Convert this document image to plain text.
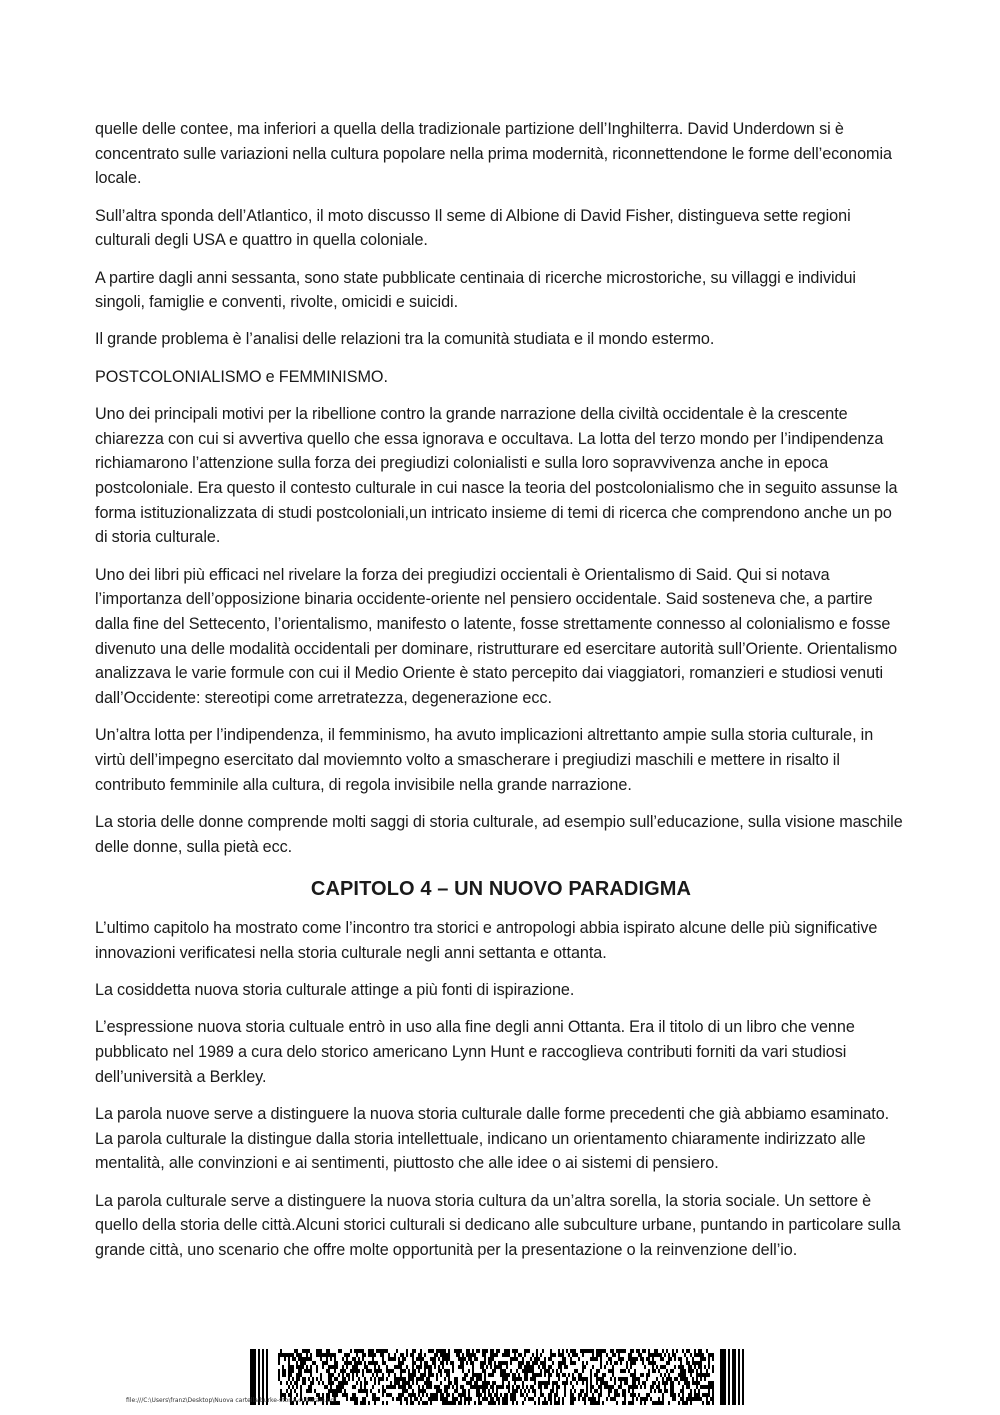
quelle delle contee, ma inferiori a quella della tradizionale partizione dell’Inghilterra. David Underdown si è concentrato sulle variazioni nella cultura popolare nella prima modernità, riconnettendone le forme dell’economia locale.

Sull’altra sponda dell’Atlantico, il moto discusso Il seme di Albione di David Fisher, distingueva sette regioni culturali degli USA e quattro in quella coloniale.

A partire dagli anni sessanta, sono state pubblicate centinaia di ricerche microstoriche, su villaggi e individui singoli, famiglie e conventi, rivolte, omicidi e suicidi.

Il grande problema è l’analisi delle relazioni tra la comunità studiata e il mondo estermo.

POSTCOLONIALISMO e FEMMINISMO.

Uno dei principali motivi per la ribellione contro la grande narrazione della civiltà occidentale è la crescente chiarezza con cui si avvertiva quello che essa ignorava e occultava. La lotta del terzo mondo per l’indipendenza richiamarono l’attenzione sulla forza dei pregiudizi colonialisti e sulla loro sopravvivenza anche in epoca postcoloniale. Era questo il contesto culturale in cui nasce la teoria del postcolonialismo che in seguito assunse la forma istituzionalizzata di studi postcoloniali,un intricato insieme di temi di ricerca che comprendono anche un po di storia culturale.

Uno dei libri più efficaci nel rivelare la forza dei pregiudizi occientali è Orientalismo di Said. Qui si notava l’importanza dell’opposizione binaria occidente-oriente nel pensiero occidentale. Said sosteneva che, a partire dalla fine del Settecento, l’orientalismo, manifesto o latente, fosse strettamente connesso al colonialismo e fosse divenuto una delle modalità occidentali per dominare, ristrutturare ed esercitare autorità sull’Oriente. Orientalismo analizzava le varie formule con cui il Medio Oriente è stato percepito dai viaggiatori, romanzieri e studiosi venuti dall’Occidente: stereotipi come arretratezza, degenerazione ecc.

Un’altra lotta per l’indipendenza, il femminismo, ha avuto implicazioni altrettanto ampie sulla storia culturale, in virtù dell’impegno esercitato dal moviemnto volto a smascherare i pregiudizi maschili e mettere in risalto il contributo femminile alla cultura, di regola invisibile nella grande narrazione.

La storia delle donne comprende molti saggi di storia culturale, ad esempio sull’educazione, sulla visione maschile delle donne, sulla pietà ecc.

CAPITOLO 4 – UN NUOVO PARADIGMA

L’ultimo capitolo ha mostrato come l’incontro tra storici e antropologi abbia ispirato alcune delle più significative innovazioni verificatesi nella storia culturale negli anni settanta e ottanta.

La cosiddetta nuova storia culturale attinge a più fonti di ispirazione.

L’espressione nuova storia cultuale entrò in uso alla fine degli anni Ottanta. Era il titolo di un libro che venne pubblicato nel 1989 a cura delo storico americano Lynn Hunt e raccoglieva contributi forniti da vari studiosi dell’università a Berkley.

La parola nuove serve a distinguere la nuova storia culturale dalle forme precedenti che già abbiamo esaminato. La parola culturale la distingue dalla storia intellettuale, indicano un orientamento chiaramente indirizzato alle mentalità, alle convinzioni e ai sentimenti, piuttosto che alle idee o ai sistemi di pensiero.

La parola culturale serve a distinguere la nuova storia cultura da un’altra sorella, la storia sociale. Un settore è quello della storia delle città.Alcuni storici culturali si dedicano alle subculture urbane, puntando in particolare sulla grande città, uno scenario che offre molte opportunità per la presentazione o la reinvenzione dell’io.

file:///C:\Users\franz\Desktop\Nuova cartella\burke-storia-culturale.pdf
